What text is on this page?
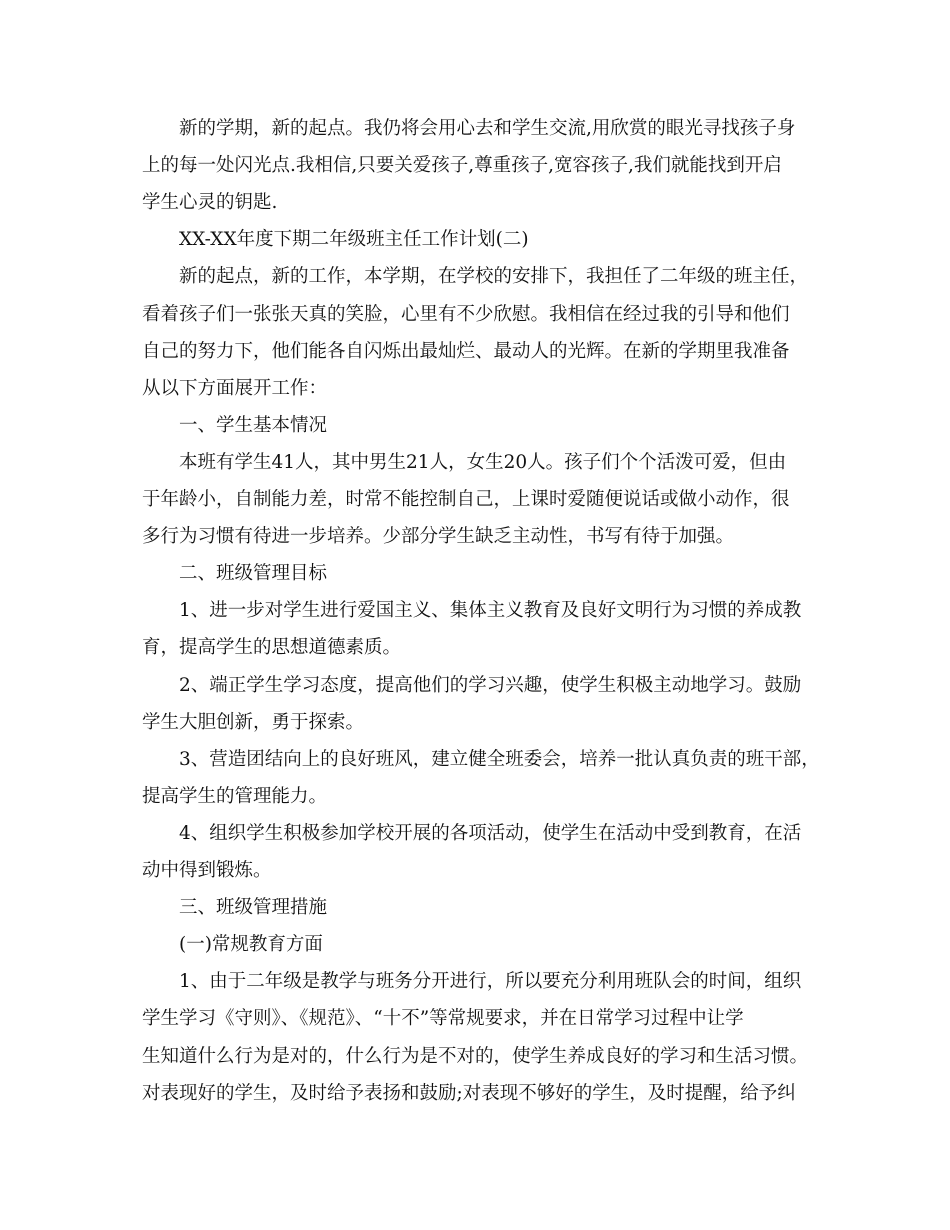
新的学期，新的起点。我仍将会用心去和学生交流,用欣赏的眼光寻找孩子身
上的每一处闪光点.我相信,只要关爱孩子,尊重孩子,宽容孩子,我们就能找到开启
学生心灵的钥匙.
XX-XX年度下期二年级班主任工作计划(二)
新的起点，新的工作，本学期，在学校的安排下，我担任了二年级的班主任，
看着孩子们一张张天真的笑脸，心里有不少欣慰。我相信在经过我的引导和他们
自己的努力下，他们能各自闪烁出最灿烂、最动人的光辉。在新的学期里我准备
从以下方面展开工作：
一、学生基本情况
本班有学生41人，其中男生21人，女生20人。孩子们个个活泼可爱，但由
于年龄小，自制能力差，时常不能控制自己，上课时爱随便说话或做小动作，很
多行为习惯有待进一步培养。少部分学生缺乏主动性，书写有待于加强。
二、班级管理目标
1、进一步对学生进行爱国主义、集体主义教育及良好文明行为习惯的养成教
育，提高学生的思想道德素质。
2、端正学生学习态度，提高他们的学习兴趣，使学生积极主动地学习。鼓励
学生大胆创新，勇于探索。
3、营造团结向上的良好班风，建立健全班委会，培养一批认真负责的班干部，
提高学生的管理能力。
4、组织学生积极参加学校开展的各项活动，使学生在活动中受到教育，在活
动中得到锻炼。
三、班级管理措施
(一)常规教育方面
1、由于二年级是教学与班务分开进行，所以要充分利用班队会的时间，组织
学生学习《守则》、《规范》、“十不”等常规要求，并在日常学习过程中让学
生知道什么行为是对的，什么行为是不对的，使学生养成良好的学习和生活习惯。
对表现好的学生，及时给予表扬和鼓励;对表现不够好的学生，及时提醒，给予纠
